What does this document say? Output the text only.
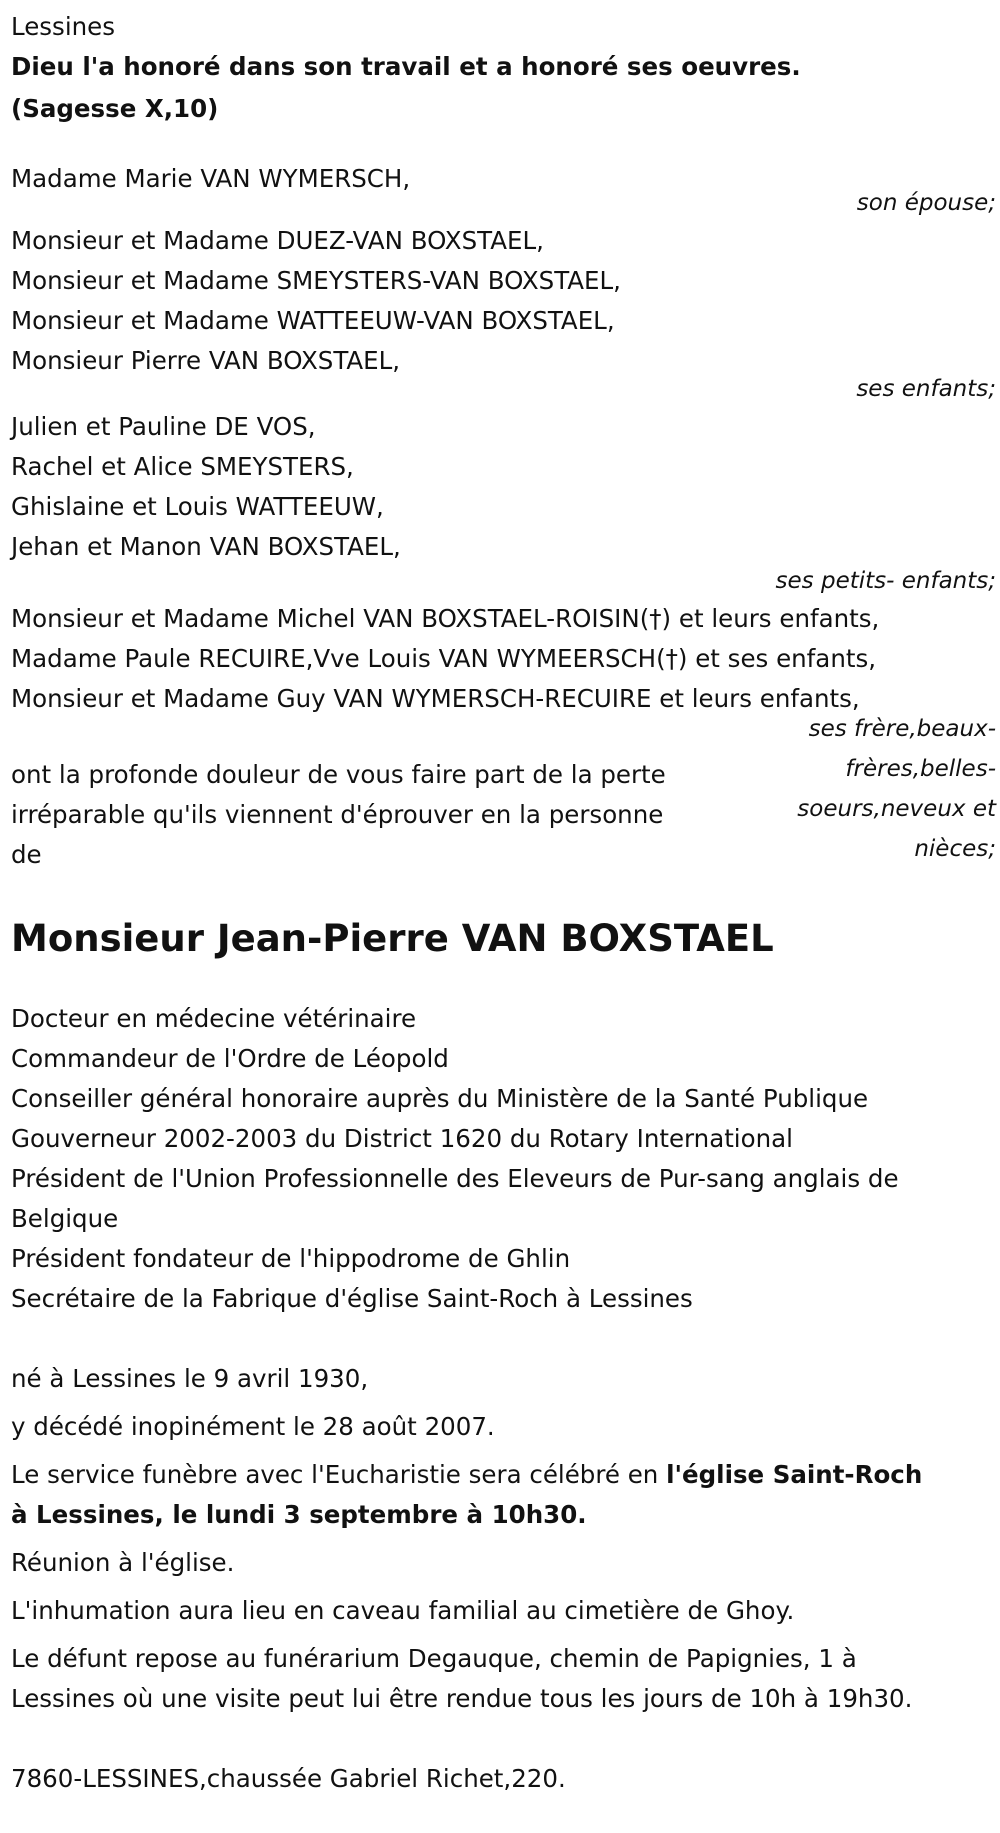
Lessines
Dieu l'a honoré dans son travail et a honoré ses oeuvres.
(Sagesse X,10)
Madame Marie VAN WYMERSCH,
son épouse;
Monsieur et Madame DUEZ-VAN BOXSTAEL,
Monsieur et Madame SMEYSTERS-VAN BOXSTAEL,
Monsieur et Madame WATTEEUW-VAN BOXSTAEL,
Monsieur Pierre VAN BOXSTAEL,
ses enfants;
Julien et Pauline DE VOS,
Rachel et Alice SMEYSTERS,
Ghislaine et Louis WATTEEUW,
Jehan et Manon VAN BOXSTAEL,
ses petits- enfants;
Monsieur et Madame Michel VAN BOXSTAEL-ROISIN(†) et leurs enfants,
Madame Paule RECUIRE,Vve Louis VAN WYMEERSCH(†) et ses enfants,
Monsieur et Madame Guy VAN WYMERSCH-RECUIRE et leurs enfants,
ont la profonde douleur de vous faire part de la perte
irréparable qu'ils viennent d'éprouver en la personne
de
ses frère,beaux-
frères,belles-
soeurs,neveux et
nièces;
Monsieur Jean-Pierre VAN BOXSTAEL
Docteur en médecine vétérinaire
Commandeur de l'Ordre de Léopold
Conseiller général honoraire auprès du Ministère de la Santé Publique
Gouverneur 2002-2003 du District 1620 du Rotary International
Président de l'Union Professionnelle des Eleveurs de Pur-sang anglais de
Belgique
Président fondateur de l'hippodrome de Ghlin
Secrétaire de la Fabrique d'église Saint-Roch à Lessines
né à Lessines le 9 avril 1930,
y décédé inopinément le 28 août 2007.
Le service funèbre avec l'Eucharistie sera célébré en l'église Saint-Roch
à Lessines, le lundi 3 septembre à 10h30.
Réunion à l'église.
L'inhumation aura lieu en caveau familial au cimetière de Ghoy.
Le défunt repose au funérarium Degauque, chemin de Papignies, 1 à
Lessines où une visite peut lui être rendue tous les jours de 10h à 19h30.
7860-LESSINES,chaussée Gabriel Richet,220.
